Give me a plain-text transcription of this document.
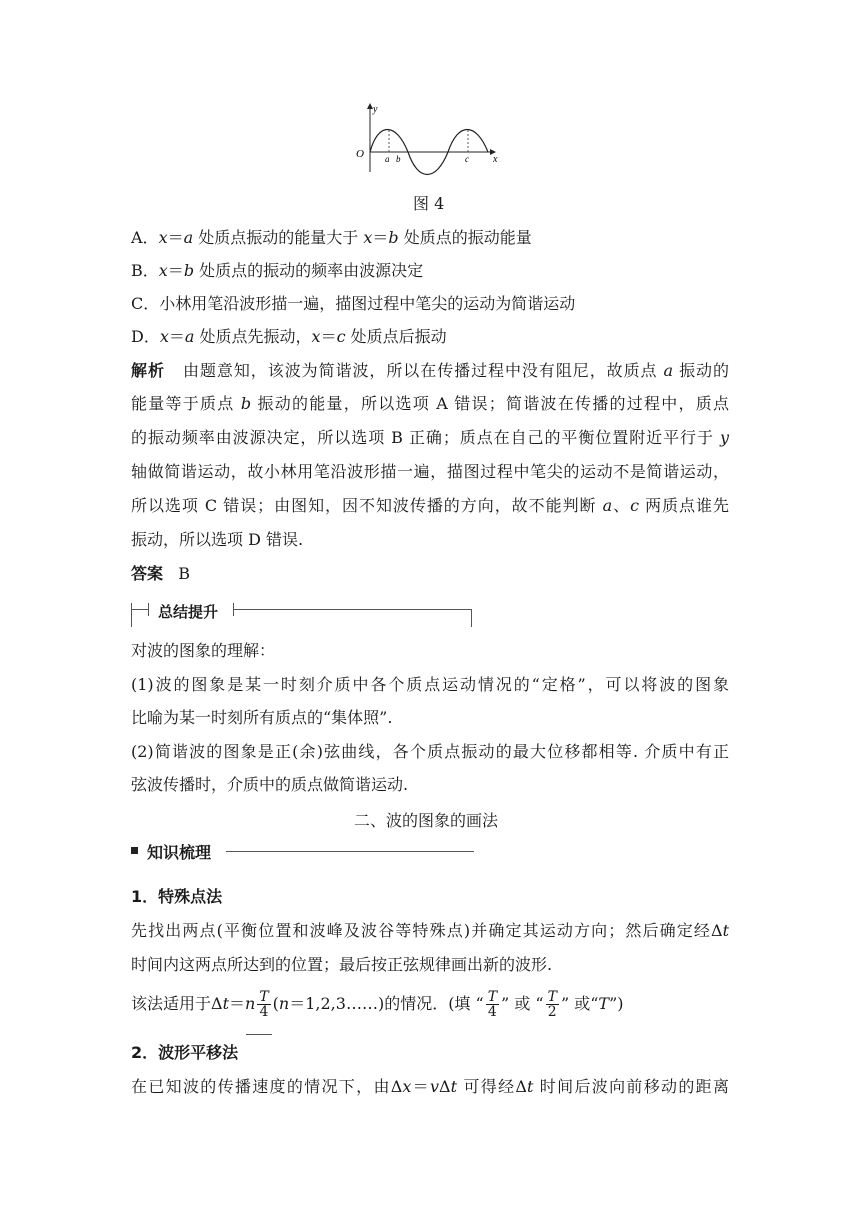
y
O a b	c x
图 4
A．x＝a 处质点振动的能量大于 x＝b 处质点的振动能量
B．x＝b 处质点的振动的频率由波源决定
C．小林用笔沿波形描一遍，描图过程中笔尖的运动为简谐运动
D．x＝a 处质点先振动，x＝c 处质点后振动
解析 由题意知，该波为简谐波，所以在传播过程中没有阻尼，故质点 a 振动的
能量等于质点 b 振动的能量，所以选项 A 错误；简谐波在传播的过程中，质点
的振动频率由波源决定，所以选项 B 正确；质点在自己的平衡位置附近平行于 y
轴做简谐运动，故小林用笔沿波形描一遍，描图过程中笔尖的运动不是简谐运动，
所以选项 C 错误；由图知，因不知波传播的方向，故不能判断 a、c 两质点谁先
振动，所以选项 D 错误.
答案 B
总结提升
对波的图象的理解：
(1)波的图象是某一时刻介质中各个质点运动情况的“定格”，可以将波的图象
比喻为某一时刻所有质点的“集体照”.
(2)简谐波的图象是正(余)弦曲线，各个质点振动的最大位移都相等. 介质中有正
弦波传播时，介质中的质点做简谐运动.
二、波的图象的画法
知识梳理
1．特殊点法
先找出两点(平衡位置和波峰及波谷等特殊点)并确定其运动方向；然后确定经Δt
时间内这两点所达到的位置；最后按正弦规律画出新的波形.
该法适用于$\Delta t=n \frac{T}{4}$ (n＝1,2,3……)的情况．(填 “ $\frac{T}{4}$ ” 或 “ $\frac{T}{2}$ ” 或“T”)
2．波形平移法
在已知波的传播速度的情况下，由Δx＝vΔt 可得经Δt 时间后波向前移动的距离
